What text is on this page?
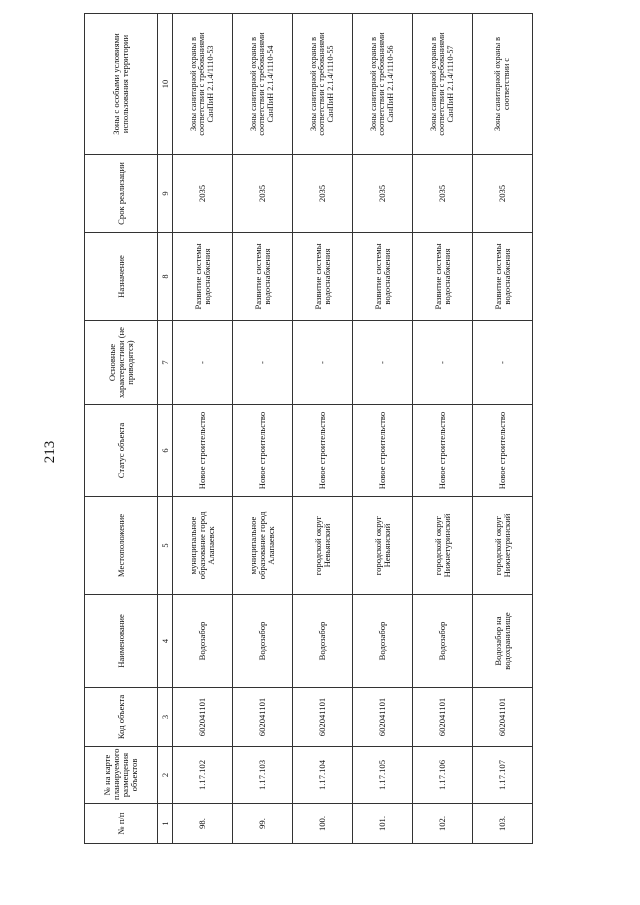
213
№ п/п	№ на карте планируемого размещения объектов	Код объекта	Наименование	Местоположение	Статус объекта	Основные характеристики (не приводятся)	Назначение	Срок реализации	Зоны с особыми условиями использования территории
1	2	3	4	5	6	7	8	9	10
98.	1.17.102	602041101	Водозабор	муниципальное образование город Алапаевск	Новое строительство	-	Развитие системы водоснабжения	2035	Зоны санитарной охраны в соответствии с требованиями СанПиН 2.1.4/1110-53
99.	1.17.103	602041101	Водозабор	муниципальное образование город Алапаевск	Новое строительство	-	Развитие системы водоснабжения	2035	Зоны санитарной охраны в соответствии с требованиями СанПиН 2.1.4/1110-54
100.	1.17.104	602041101	Водозабор	городской округ Невьянский	Новое строительство	-	Развитие системы водоснабжения	2035	Зоны санитарной охраны в соответствии с требованиями СанПиН 2.1.4/1110-55
101.	1.17.105	602041101	Водозабор	городской округ Невьянский	Новое строительство	-	Развитие системы водоснабжения	2035	Зоны санитарной охраны в соответствии с требованиями СанПиН 2.1.4/1110-56
102.	1.17.106	602041101	Водозабор	городской округ Нижнетуринский	Новое строительство	-	Развитие системы водоснабжения	2035	Зоны санитарной охраны в соответствии с требованиями СанПиН 2.1.4/1110-57
103.	1.17.107	602041101	Водозабор на водохранилище	городской округ Нижнетуринский	Новое строительство	-	Развитие системы водоснабжения	2035	Зоны санитарной охраны в соответствии с
